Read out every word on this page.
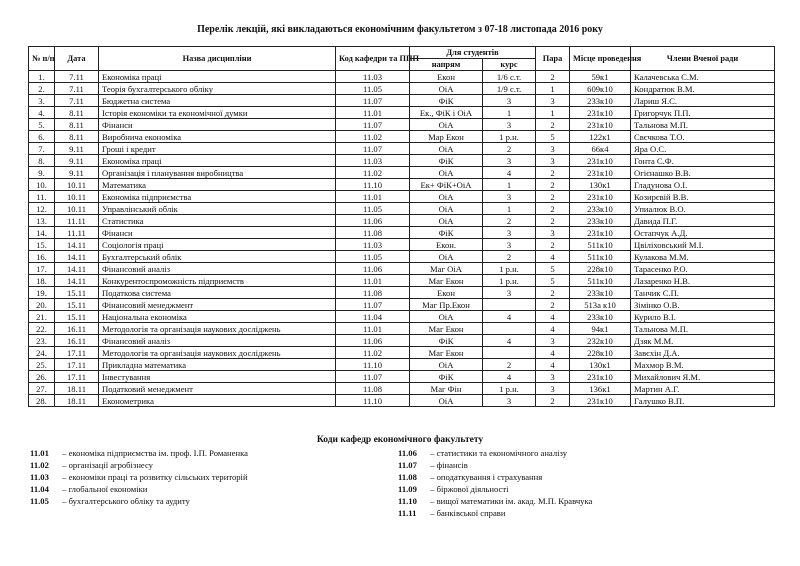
Перелік лекцій, які викладаються економічним факультетом з 07-18 листопада 2016 року
№ п/п	Дата	Назва дисципліни	Код кафедри та ППП	Для студентів		Пара	Місце проведення	Члени Вченої ради
				напрям	курс			
1.	7.11	Економіка праці	11.03	Екон	1/6 с.т.	2	59к1	Калачевська С.М.
2.	7.11	Теорія бухгалтерського обліку	11.05	ОіА	1/9 с.т.	1	609к10	Кондратюк В.М.
3.	7.11	Бюджетна система	11.07	ФіК	3	3	233к10	Лариш Я.С.
4.	8.11	Історія економіки та економічної думки	11.01	Ек., ФіК і ОіА	1	1	231к10	Григорчук П.П.
5.	8.11	Фінанси	11.07	ОіА	3	2	231к10	Тальнова М.П.
6.	8.11	Виробнича економіка	11.02	Мар Екон	1 р.н.	5	122к1	Свєчкова Т.О.
7.	9.11	Гроші і кредит	11.07	ОіА	2	3	66к4	Яра О.С.
8.	9.11	Економіка праці	11.03	ФіК	3	3	231к10	Гонта С.Ф.
9.	9.11	Організація і планування виробництва	11.02	ОіА	4	2	231к10	Огієнашко В.В.
10.	10.11	Математика	11.10	Ек+ ФіК+ОіА	1	2	130к1	Гладунова О.І.
11.	10.11	Економіка підприємства	11.01	ОіА	3	2	231к10	Козирєвій В.В.
12.	10.11	Управлінський облік	11.05	ОіА	1	2	233к10	Упиалюк В.О.
13.	11.11	Статистика	11.06	ОіА	2	2	233к10	Давида П.Г.
14.	11.11	Фінанси	11.08	ФіК	3	3	231к10	Остапчук А.Д.
15.	14.11	Соціологія праці	11.03	Екон.	3	2	511к10	Цвіліховський М.І.
16.	14.11	Бухгалтерський облік	11.05	ОіА	2	4	511к10	Кулакова М.М.
17.	14.11	Фінансовий аналіз	11.06	Маг ОіА	1 р.н.	5	228к10	Тарасенко Р.О.
18.	14.11	Конкурентоспроможність підприємств	11.01	Маг Екон	1 р.н.	5	511к10	Лазаренко Н.В.
19.	15.11	Податкова система	11.08	Екон	3	2	233к10	Танчик С.П.
20.	15.11	Фінансовий менеджмент	11.07	Маг Пр.Екон		2	513а к10	Зімінко О.В.
21.	15.11	Національна економіка	11.04	ОіА	4	4	233к10	Курило В.І.
22.	16.11	Методологія та організація наукових досліджень	11.01	Маг Екон		4	94к1	Тальнова М.П.
23.	16.11	Фінансовий аналіз	11.06	ФіК	4	3	232к10	Дзяк М.М.
24.	17.11	Методологія та організація наукових досліджень	11.02	Маг Екон		4	228к10	Завєхін Д.А.
25.	17.11	Прикладна математика	11.10	ОіА	2	4	130к1	Махмор В.М.
26.	17.11	Інвестування	11.07	ФіК	4	3	231к10	Михайлович Я.М.
27.	18.11	Податковий менеджмент	11.08	Маг Фін	1 р.н.	3	136к1	Мартин А.Г.
28.	18.11	Економетрика	11.10	ОіА	3	2	231к10	Галушко В.П.
Коди кафедр економічного факультету
11.01 – економіка підприємства ім. проф. І.П. Романенка
11.02 – організації агробізнесу
11.03 – економіки праці та розвитку сільських територій
11.04 – глобальної економіки
11.05 – бухгалтерського обліку та аудиту
11.06 – статистики та економічного аналізу
11.07 – фінансів
11.08 – оподаткування і страхування
11.09 – біржової діяльності
11.10 – вищої математики ім. акад. М.П. Кравчука
11.11 – банківської справи
